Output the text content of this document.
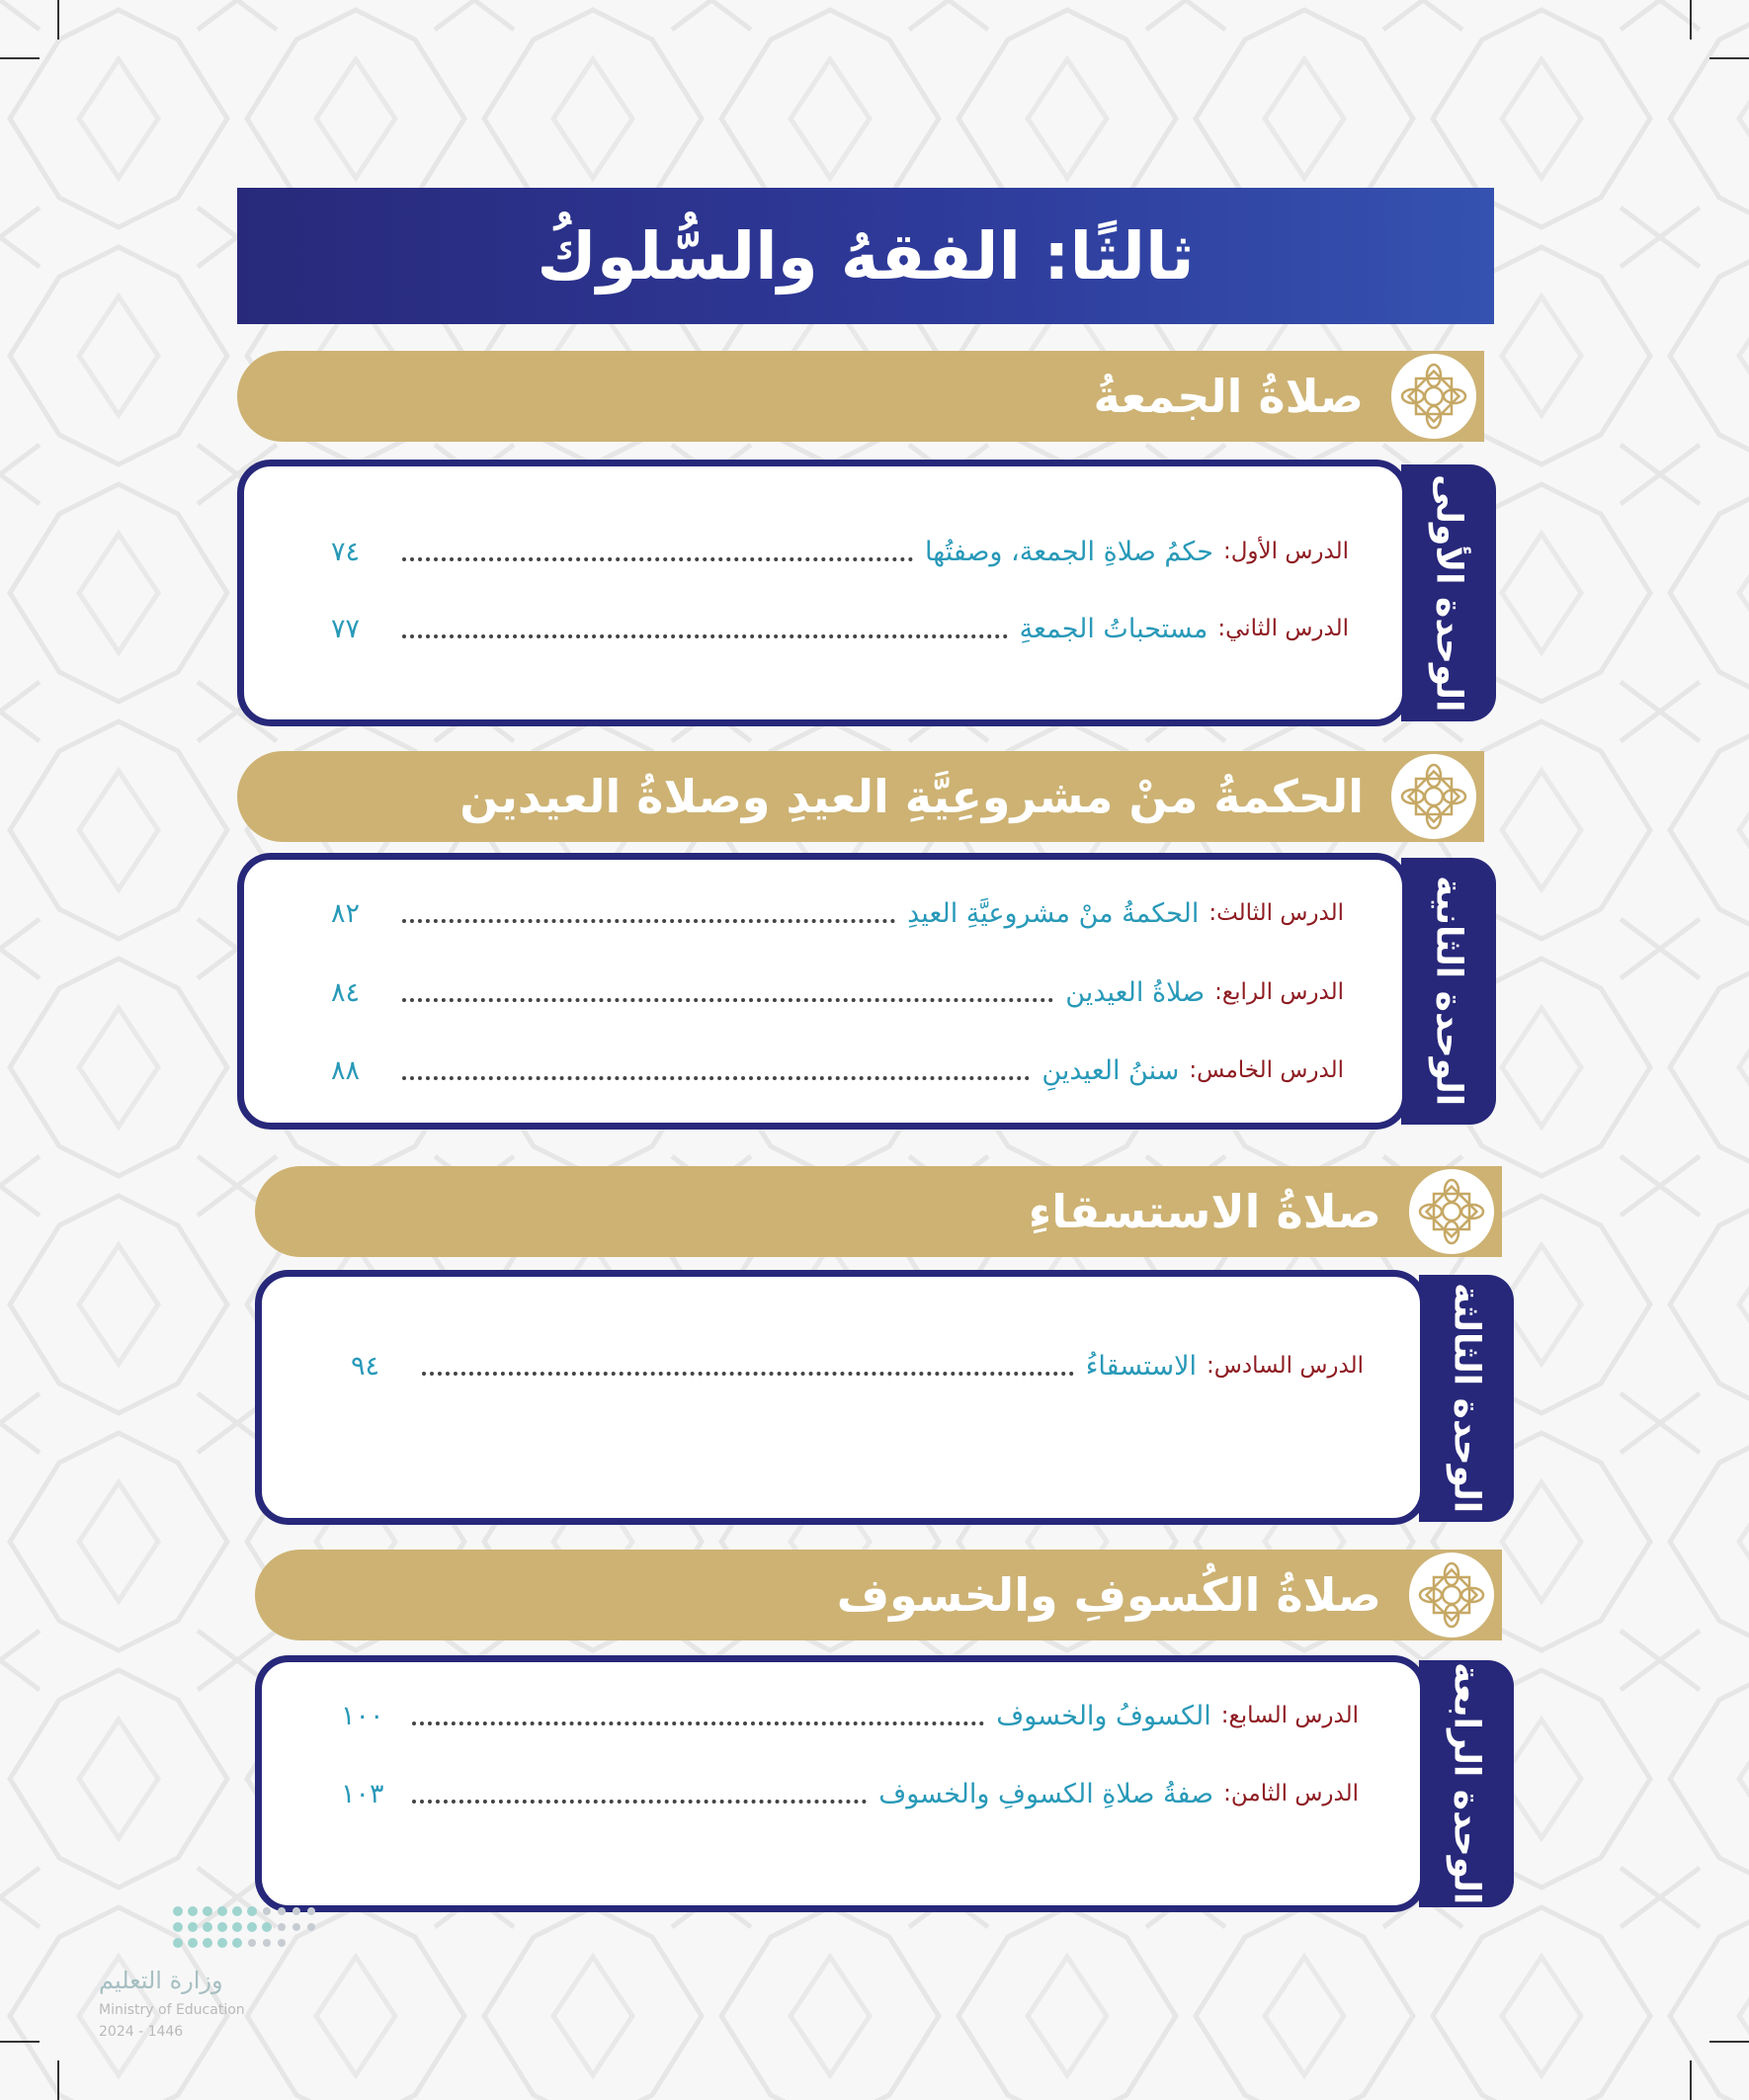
ثالثًا: الفقهُ والسُّلوكُ
صلاةُ الجمعةُ
الوحدة الأولى
الدرس الأول
:
حكمُ صلاةِ الجمعة، وصفتُها
٧٤
الدرس الثاني
:
مستحباتُ الجمعةِ
٧٧
الحكمةُ منْ مشروعِيَّةِ العيدِ وصلاةُ العيدين
الوحدة الثانية
الدرس الثالث
:
الحكمةُ منْ مشروعيَّةِ العيدِ
٨٢
الدرس الرابع
:
صلاةُ العيدين
٨٤
الدرس الخامس
:
سننُ العيدينِ
٨٨
صلاةُ الاستسقاءِ
الوحدة الثالثة
الدرس السادس
:
الاستسقاءُ
٩٤
صلاةُ الكُسوفِ والخسوف
الوحدة الرابعة
الدرس السابع
:
الكسوفُ والخسوف
١٠٠
الدرس الثامن
:
صفةُ صلاةِ الكسوفِ والخسوف
١٠٣
وزارة التعليم
Ministry of Education
2024 - 1446
